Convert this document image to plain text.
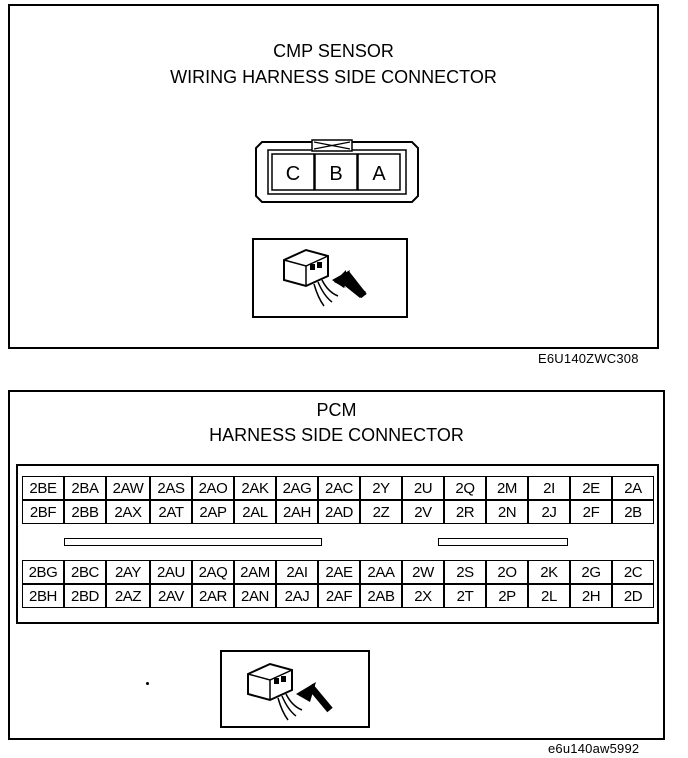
CMP SENSOR
WIRING HARNESS SIDE CONNECTOR
C B A
E6U140ZWC308
PCM
HARNESS SIDE CONNECTOR
2BE 2BA 2AW 2AS 2AO 2AK 2AG 2AC	2Y	2U	2Q	2M	2I	2E	2A
2BF	2BB	2AX	2AT	2AP	2AL	2AH 2AD	2Z	2V	2R	2N	2J	2F	2B
2BG 2BC	2AY	2AU 2AQ 2AM	2AI	2AE 2AA	2W	2S	2O	2K	2G	2C
2BH 2BD	2AZ	2AV 2AR 2AN	2AJ	2AF	2AB	2X	2T	2P	2L	2H	2D
e6u140aw5992
